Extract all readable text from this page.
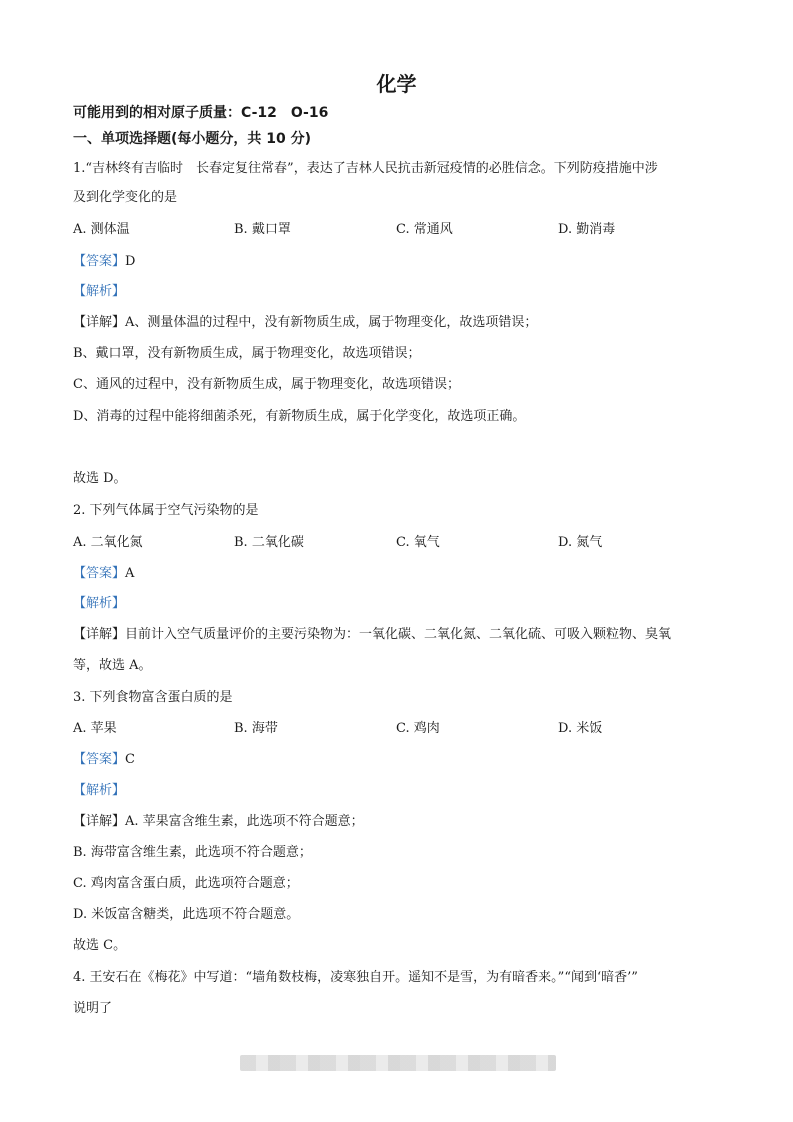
化学
可能用到的相对原子质量：C-12　O-16
一、单项选择题(每小题分，共 10 分)
1.“吉林终有吉临时　长春定复往常春”，表达了吉林人民抗击新冠疫情的必胜信念。下列防疫措施中涉
及到化学变化的是
A. 测体温	B. 戴口罩	C. 常通风	D. 勤消毒
【答案】D
【解析】
【详解】A、测量体温的过程中，没有新物质生成，属于物理变化，故选项错误；
B、戴口罩，没有新物质生成，属于物理变化，故选项错误；
C、通风的过程中，没有新物质生成，属于物理变化，故选项错误；
D、消毒的过程中能将细菌杀死，有新物质生成，属于化学变化，故选项正确。
故选 D。
2. 下列气体属于空气污染物的是
A. 二氧化氮	B. 二氧化碳	C. 氧气	D. 氮气
【答案】A
【解析】
【详解】目前计入空气质量评价的主要污染物为：一氧化碳、二氧化氮、二氧化硫、可吸入颗粒物、臭氧
等，故选 A。
3. 下列食物富含蛋白质的是
A. 苹果	B. 海带	C. 鸡肉	D. 米饭
【答案】C
【解析】
【详解】A. 苹果富含维生素，此选项不符合题意；
B. 海带富含维生素，此选项不符合题意；
C. 鸡肉富含蛋白质，此选项符合题意；
D. 米饭富含糖类，此选项不符合题意。
故选 C。
4. 王安石在《梅花》中写道：“墙角数枝梅，凌寒独自开。遥知不是雪，为有暗香来。”“闻到‘暗香’”
说明了
